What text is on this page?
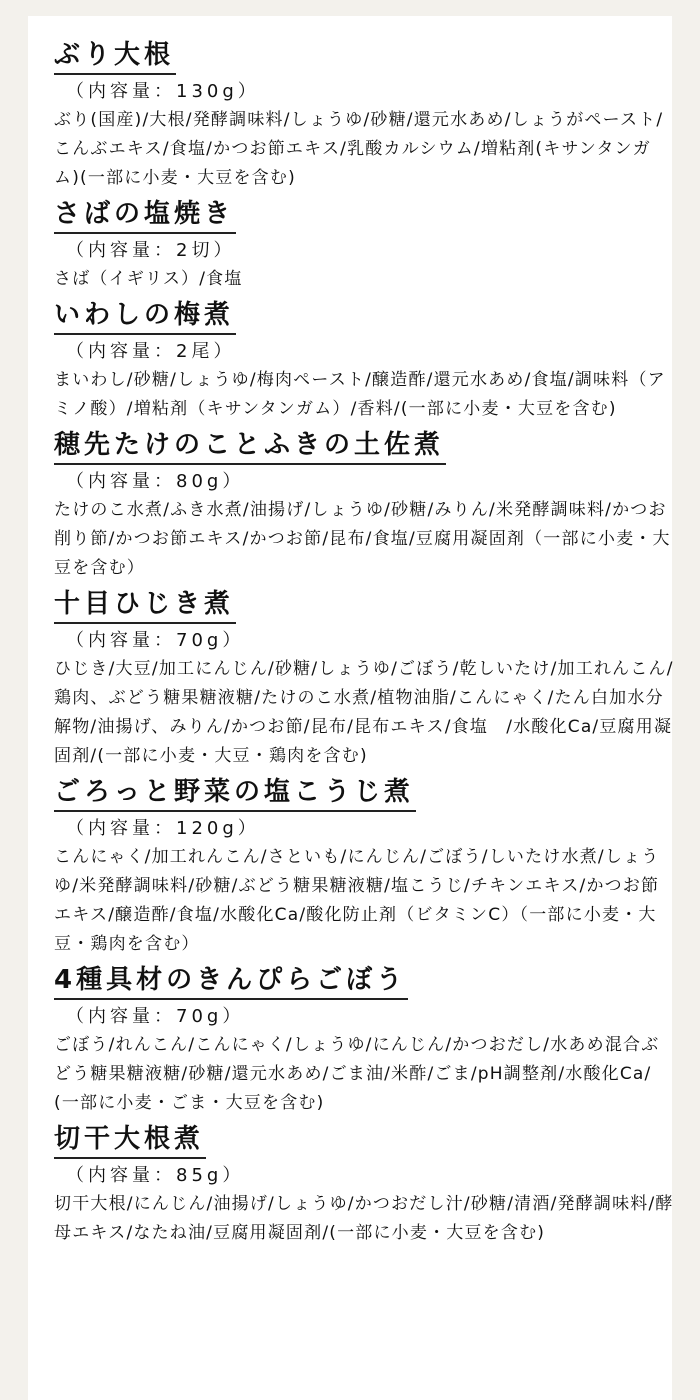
ぶり大根
（内容量：130g）
ぶり(国産)/大根/発酵調味料/しょうゆ/砂糖/還元水あめ/しょうがペースト/こんぶエキス/食塩/かつお節エキス/乳酸カルシウム/増粘剤(キサンタンガム)(一部に小麦・大豆を含む)
さばの塩焼き
（内容量：2切）
さば（イギリス）/食塩
いわしの梅煮
（内容量：2尾）
まいわし/砂糖/しょうゆ/梅肉ペースト/醸造酢/還元水あめ/食塩/調味料（アミノ酸）/増粘剤（キサンタンガム）/香料/(一部に小麦・大豆を含む)
穂先たけのことふきの土佐煮
（内容量：80g）
たけのこ水煮/ふき水煮/油揚げ/しょうゆ/砂糖/みりん/米発酵調味料/かつお削り節/かつお節エキス/かつお節/昆布/食塩/豆腐用凝固剤（一部に小麦・大豆を含む）
十目ひじき煮
（内容量：70g）
ひじき/大豆/加工にんじん/砂糖/しょうゆ/ごぼう/乾しいたけ/加工れんこん/鶏肉、ぶどう糖果糖液糖/たけのこ水煮/植物油脂/こんにゃく/たん白加水分解物/油揚げ、みりん/かつお節/昆布/昆布エキス/食塩　/水酸化Ca/豆腐用凝固剤/(一部に小麦・大豆・鶏肉を含む)
ごろっと野菜の塩こうじ煮
（内容量：120g）
こんにゃく/加工れんこん/さといも/にんじん/ごぼう/しいたけ水煮/しょうゆ/米発酵調味料/砂糖/ぶどう糖果糖液糖/塩こうじ/チキンエキス/かつお節エキス/醸造酢/食塩/水酸化Ca/酸化防止剤（ビタミンC）（一部に小麦・大豆・鶏肉を含む）
4種具材のきんぴらごぼう
（内容量：70g）
ごぼう/れんこん/こんにゃく/しょうゆ/にんじん/かつおだし/水あめ混合ぶどう糖果糖液糖/砂糖/還元水あめ/ごま油/米酢/ごま/pH調整剤/水酸化Ca/(一部に小麦・ごま・大豆を含む)
切干大根煮
（内容量：85g）
切干大根/にんじん/油揚げ/しょうゆ/かつおだし汁/砂糖/清酒/発酵調味料/酵母エキス/なたね油/豆腐用凝固剤/(一部に小麦・大豆を含む)
